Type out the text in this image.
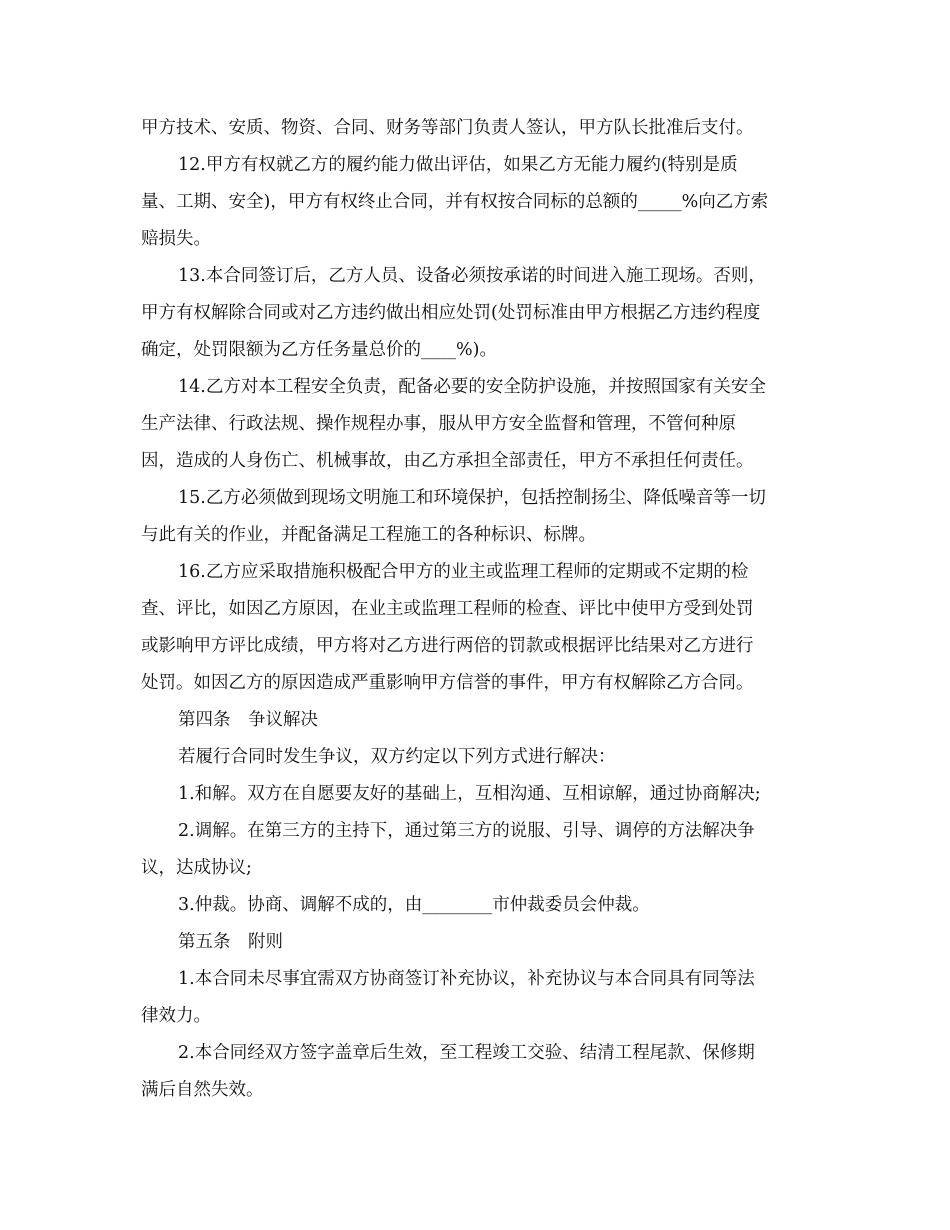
甲方技术、安质、物资、合同、财务等部门负责人签认，甲方队长批准后支付。
12.甲方有权就乙方的履约能力做出评估，如果乙方无能力履约(特别是质
量、工期、安全)，甲方有权终止合同，并有权按合同标的总额的_____%向乙方索
赔损失。
13.本合同签订后，乙方人员、设备必须按承诺的时间进入施工现场。否则，
甲方有权解除合同或对乙方违约做出相应处罚(处罚标准由甲方根据乙方违约程度
确定，处罚限额为乙方任务量总价的____%)。
14.乙方对本工程安全负责，配备必要的安全防护设施，并按照国家有关安全
生产法律、行政法规、操作规程办事，服从甲方安全监督和管理，不管何种原
因，造成的人身伤亡、机械事故，由乙方承担全部责任，甲方不承担任何责任。
15.乙方必须做到现场文明施工和环境保护，包括控制扬尘、降低噪音等一切
与此有关的作业，并配备满足工程施工的各种标识、标牌。
16.乙方应采取措施积极配合甲方的业主或监理工程师的定期或不定期的检
查、评比，如因乙方原因，在业主或监理工程师的检查、评比中使甲方受到处罚
或影响甲方评比成绩，甲方将对乙方进行两倍的罚款或根据评比结果对乙方进行
处罚。如因乙方的原因造成严重影响甲方信誉的事件，甲方有权解除乙方合同。
第四条　争议解决
若履行合同时发生争议，双方约定以下列方式进行解决：
1.和解。双方在自愿要友好的基础上，互相沟通、互相谅解，通过协商解决;
2.调解。在第三方的主持下，通过第三方的说服、引导、调停的方法解决争
议，达成协议;
3.仲裁。协商、调解不成的，由________市仲裁委员会仲裁。
第五条　附则
1.本合同未尽事宜需双方协商签订补充协议，补充协议与本合同具有同等法
律效力。
2.本合同经双方签字盖章后生效，至工程竣工交验、结清工程尾款、保修期
满后自然失效。
